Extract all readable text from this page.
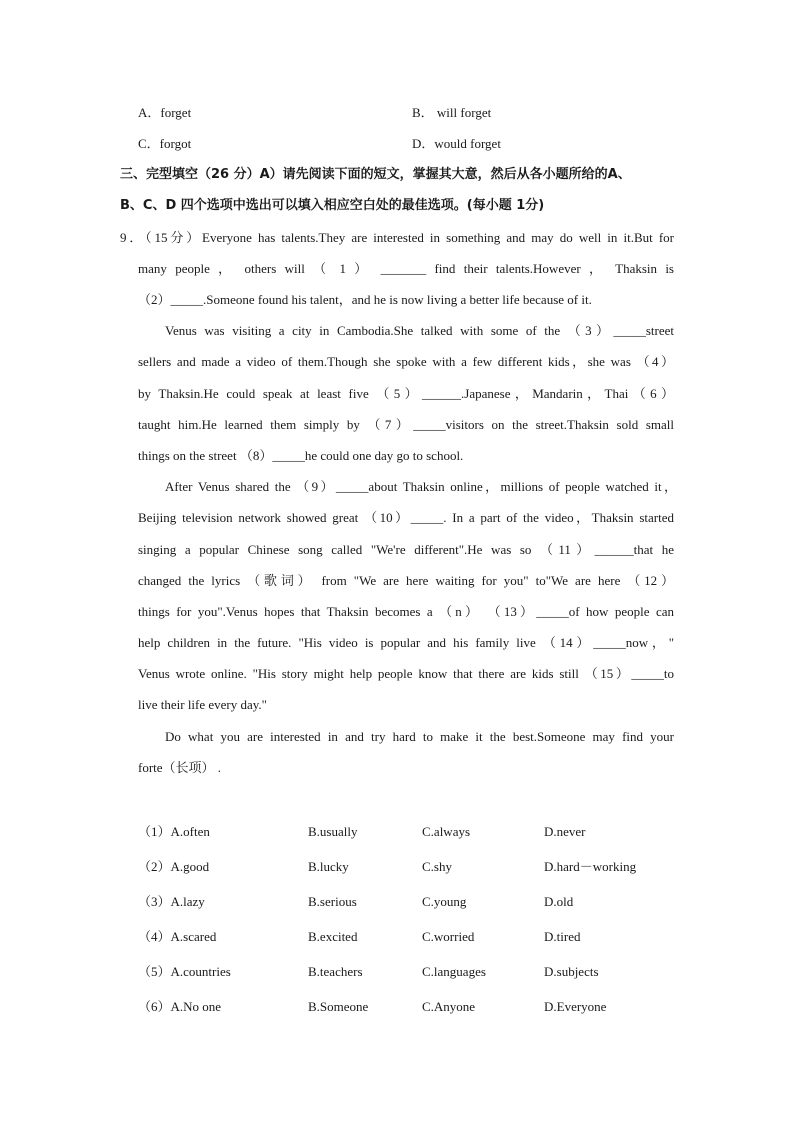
A．forget	B． will forget
C．forgot	D．would forget
三、完型填空（26 分）A）请先阅读下面的短文，掌握其大意，然后从各小题所给的A、
B、C、D 四个选项中选出可以填入相应空白处的最佳选项。(每小题 1分)
9．（15分）Everyone has talents.They are interested in something and may do well in it.But for
many people ， others will （ 1 ） _______ find their talents.However ， Thaksin is
（2）_____.Someone found his talent，and he is now living a better life because of it.
Venus was visiting a city in Cambodia.She talked with some of the （3）_____street
sellers and made a video of them.Though she spoke with a few different kids，she was （4）
by Thaksin.He could speak at least five （5）______.Japanese，Mandarin，Thai（6）
taught him.He learned them simply by （7）_____visitors on the street.Thaksin sold small
things on the street （8）_____he could one day go to school.
After Venus shared the （9）_____about Thaksin online，millions of people watched it，
Beijing television network showed great （10）_____. In a part of the video，Thaksin started
singing a popular Chinese song called "We're different".He was so （11）______that he
changed the lyrics （歌词） from "We are here waiting for you" to"We are here （12）
things for you".Venus hopes that Thaksin becomes a （n） （13）_____of how people can
help children in the future. "His video is popular and his family live （14）_____now，"
Venus wrote online. "His story might help people know that there are kids still （15）_____to
live their life every day."
Do what you are interested in and try hard to make it the best.Someone may find your
forte（长项） .
（1）A.often	B.usually	C.always	D.never
（2）A.good	B.lucky	C.shy	D.hard－working
（3）A.lazy	B.serious	C.young	D.old
（4）A.scared	B.excited	C.worried	D.tired
（5）A.countries	B.teachers	C.languages	D.subjects
（6）A.No one	B.Someone	C.Anyone	D.Everyone
